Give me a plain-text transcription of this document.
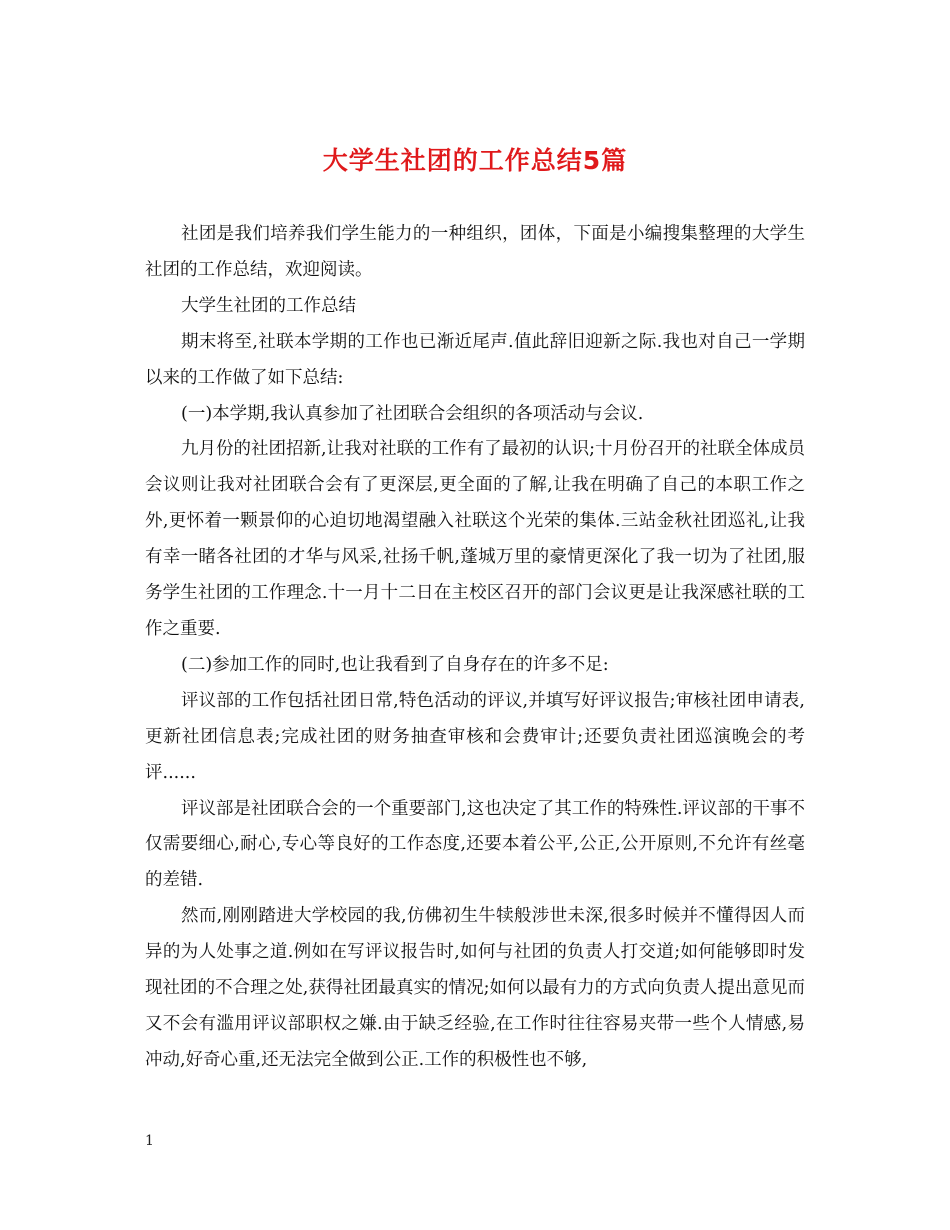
大学生社团的工作总结5篇

社团是我们培养我们学生能力的一种组织，团体，下面是小编搜集整理的大学生社团的工作总结，欢迎阅读。

大学生社团的工作总结

期末将至,社联本学期的工作也已渐近尾声.值此辞旧迎新之际.我也对自己一学期以来的工作做了如下总结:

(一)本学期,我认真参加了社团联合会组织的各项活动与会议.

九月份的社团招新,让我对社联的工作有了最初的认识;十月份召开的社联全体成员会议则让我对社团联合会有了更深层,更全面的了解,让我在明确了自己的本职工作之外,更怀着一颗景仰的心迫切地渴望融入社联这个光荣的集体.三站金秋社团巡礼,让我有幸一睹各社团的才华与风采,社扬千帆,蓬城万里的豪情更深化了我一切为了社团,服务学生社团的工作理念.十一月十二日在主校区召开的部门会议更是让我深感社联的工作之重要.

(二)参加工作的同时,也让我看到了自身存在的许多不足:

评议部的工作包括社团日常,特色活动的评议,并填写好评议报告;审核社团申请表,更新社团信息表;完成社团的财务抽查审核和会费审计;还要负责社团巡演晚会的考评......

评议部是社团联合会的一个重要部门,这也决定了其工作的特殊性.评议部的干事不仅需要细心,耐心,专心等良好的工作态度,还要本着公平,公正,公开原则,不允许有丝毫的差错.

然而,刚刚踏进大学校园的我,仿佛初生牛犊般涉世未深,很多时候并不懂得因人而异的为人处事之道.例如在写评议报告时,如何与社团的负责人打交道;如何能够即时发现社团的不合理之处,获得社团最真实的情况;如何以最有力的方式向负责人提出意见而又不会有滥用评议部职权之嫌.由于缺乏经验,在工作时往往容易夹带一些个人情感,易冲动,好奇心重,还无法完全做到公正.工作的积极性也不够,

1
